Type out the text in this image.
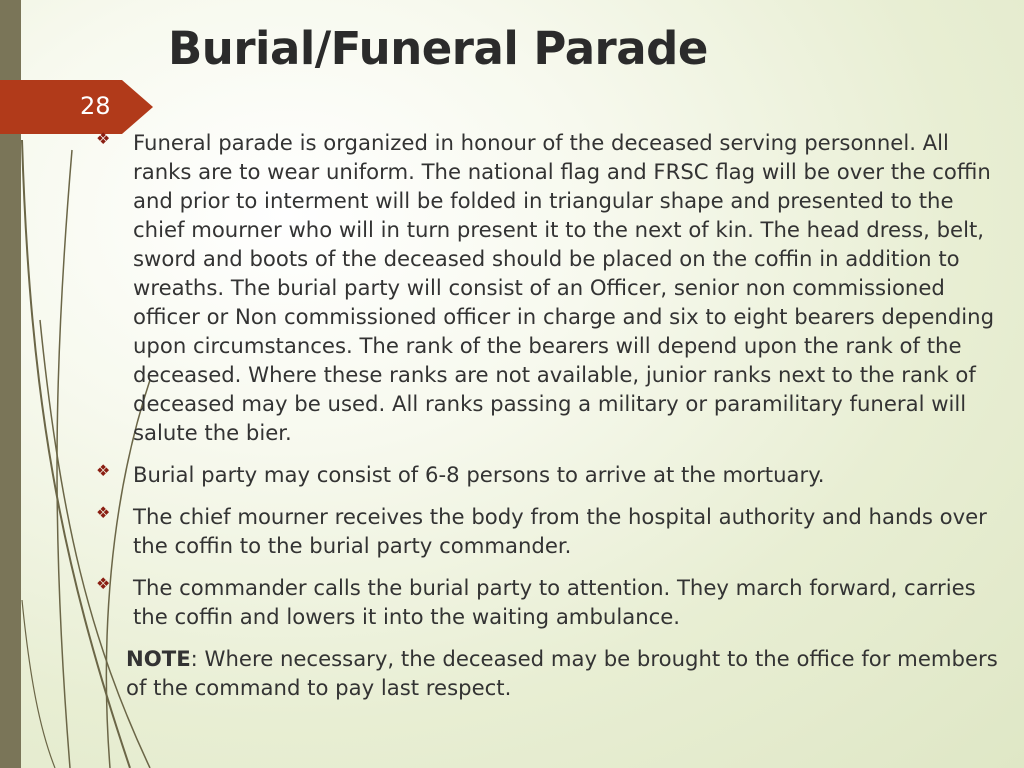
Burial/Funeral Parade
28
❖ Funeral parade is organized in honour of the deceased serving personnel. All ranks are to wear uniform. The national flag and FRSC flag will be over the coffin and prior to interment will be folded in triangular shape and presented to the chief mourner who will in turn present it to the next of kin. The head dress, belt, sword and boots of the deceased should be placed on the coffin in addition to wreaths. The burial party will consist of an Officer, senior non commissioned officer or Non commissioned officer in charge and six to eight bearers depending upon circumstances. The rank of the bearers will depend upon the rank of the deceased. Where these ranks are not available, junior ranks next to the rank of deceased may be used. All ranks passing a military or paramilitary funeral will salute the bier.
❖ Burial party may consist of 6-8 persons to arrive at the mortuary.
❖ The chief mourner receives the body from the hospital authority and hands over the coffin to the burial party commander.
❖ The commander calls the burial party to attention. They march forward, carries the coffin and lowers it into the waiting ambulance.

NOTE: Where necessary, the deceased may be brought to the office for members of the command to pay last respect.
